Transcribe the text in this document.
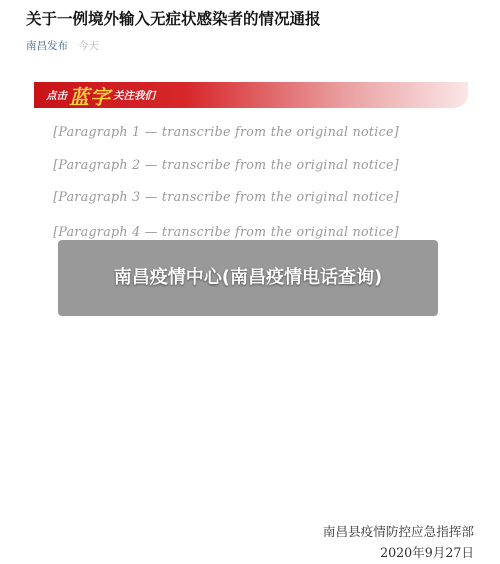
关于一例境外输入无症状感染者的情况通报
南昌发布 今天
点击 蓝字 关注我们

[Paragraph 1 — transcribe from the original notice]

[Paragraph 2 — transcribe from the original notice]

[Paragraph 3 — transcribe from the original notice]

[Paragraph 4 — transcribe from the original notice]

南昌县疫情防控应急指挥部
2020年9月27日
南昌疫情中心(南昌疫情电话查询)
